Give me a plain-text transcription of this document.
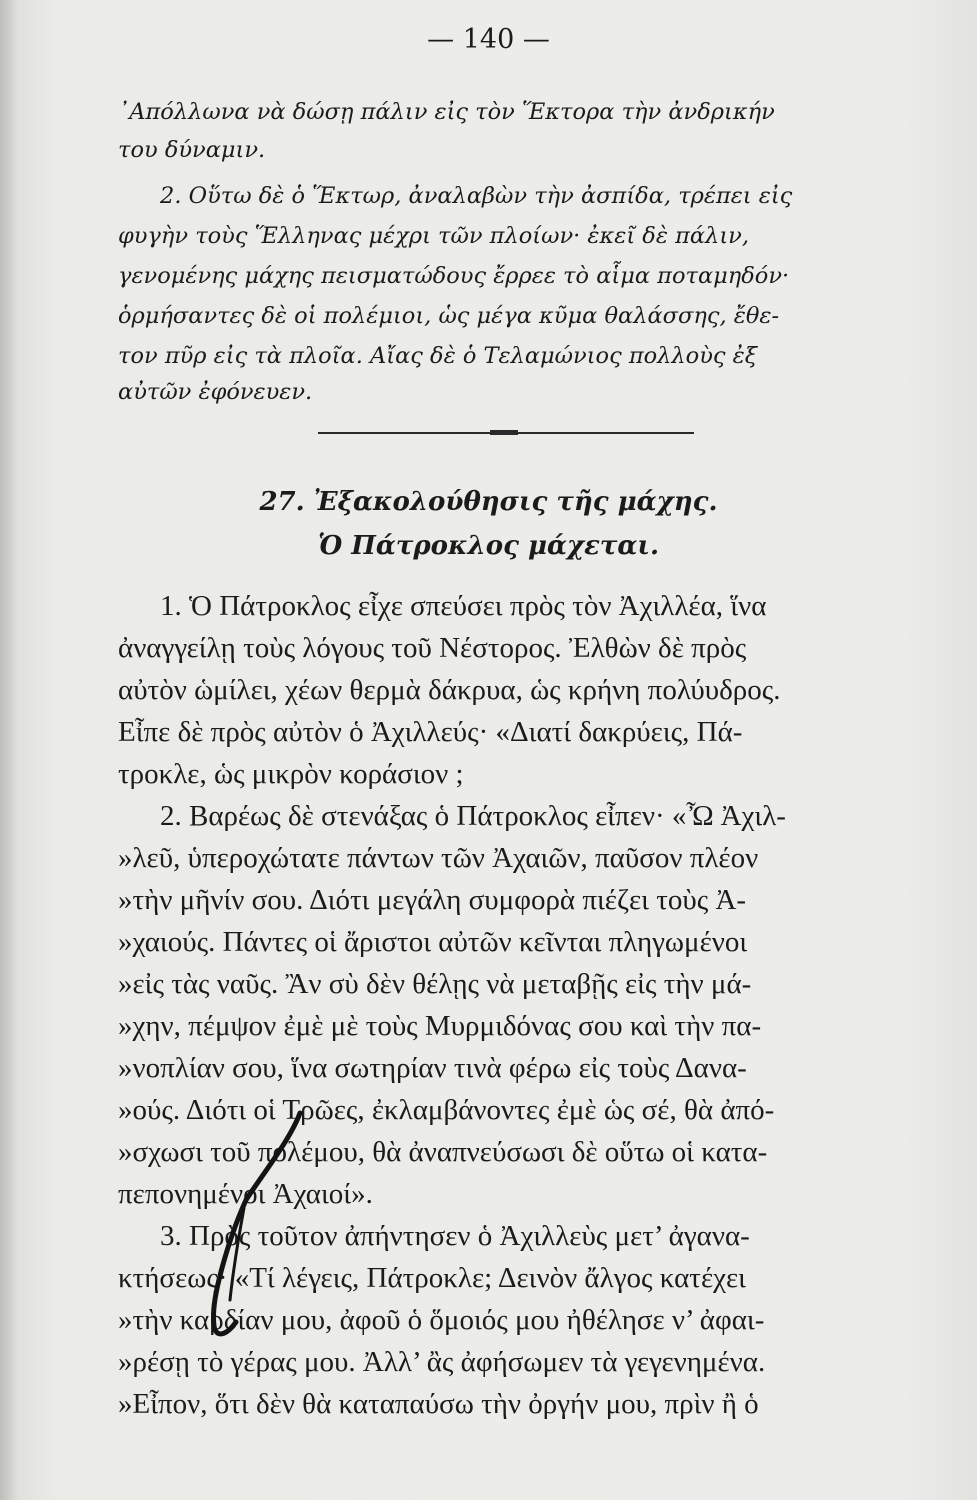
— 140 —

᾿Απόλλωνα νὰ δώσῃ πάλιν εἰς τὸν Ἕκτορα τὴν ἀνδρικήν

του δύναμιν.

2. Οὕτω δὲ ὁ Ἕκτωρ, ἀναλαβὼν τὴν ἀσπίδα, τρέπει εἰς

φυγὴν τοὺς Ἕλληνας μέχρι τῶν πλοίων· ἐκεῖ δὲ πάλιν,

γενομένης μάχης πεισματώδους ἔρρεε τὸ αἷμα ποταμηδόν·

ὁρμήσαντες δὲ οἱ πολέμιοι, ὡς μέγα κῦμα θαλάσσης, ἔθε-

τον πῦρ εἰς τὰ πλοῖα. Αἴας δὲ ὁ Τελαμώνιος πολλοὺς ἐξ

αὐτῶν ἐφόνευεν.

27. Ἐξακολούθησις τῆς μάχης.
Ὁ Πάτροκλος μάχεται.

1. Ὁ Πάτροκλος εἶχε σπεύσει πρὸς τὸν Ἀχιλλέα, ἵνα

ἀναγγείλῃ τοὺς λόγους τοῦ Νέστορος. Ἐλθὼν δὲ πρὸς

αὐτὸν ὡμίλει, χέων θερμὰ δάκρυα, ὡς κρήνη πολύυδρος.

Εἶπε δὲ πρὸς αὐτὸν ὁ Ἀχιλλεύς· «Διατί δακρύεις, Πά-

τροκλε, ὡς μικρὸν κοράσιον ;

2. Βαρέως δὲ στενάξας ὁ Πάτροκλος εἶπεν· «Ὦ Ἀχιλ-

»λεῦ, ὑπεροχώτατε πάντων τῶν Ἀχαιῶν, παῦσον πλέον

»τὴν μῆνίν σου. Διότι μεγάλη συμφορὰ πιέζει τοὺς Ἀ-

»χαιούς. Πάντες οἱ ἄριστοι αὐτῶν κεῖνται πληγωμένοι

»εἰς τὰς ναῦς. Ἂν σὺ δὲν θέλῃς νὰ μεταβῇς εἰς τὴν μά-

»χην, πέμψον ἐμὲ μὲ τοὺς Μυρμιδόνας σου καὶ τὴν πα-

»νοπλίαν σου, ἵνα σωτηρίαν τινὰ φέρω εἰς τοὺς Δανα-

»ούς. Διότι οἱ Τρῶες, ἐκλαμβάνοντες ἐμὲ ὡς σέ, θὰ ἀπό-

»σχωσι τοῦ πολέμου, θὰ ἀναπνεύσωσι δὲ οὕτω οἱ κατα-

πεπονημένοι Ἀχαιοί».

3. Πρὸς τοῦτον ἀπήντησεν ὁ Ἀχιλλεὺς μετ’ ἀγανα-

κτήσεως· «Τί λέγεις, Πάτροκλε; Δεινὸν ἄλγος κατέχει

»τὴν καρδίαν μου, ἀφοῦ ὁ ὅμοιός μου ἠθέλησε ν’ ἀφαι-

»ρέσῃ τὸ γέρας μου. Ἀλλ’ ἂς ἀφήσωμεν τὰ γεγενημένα.

»Εἶπον, ὅτι δὲν θὰ καταπαύσω τὴν ὀργήν μου, πρὶν ἢ ὁ
